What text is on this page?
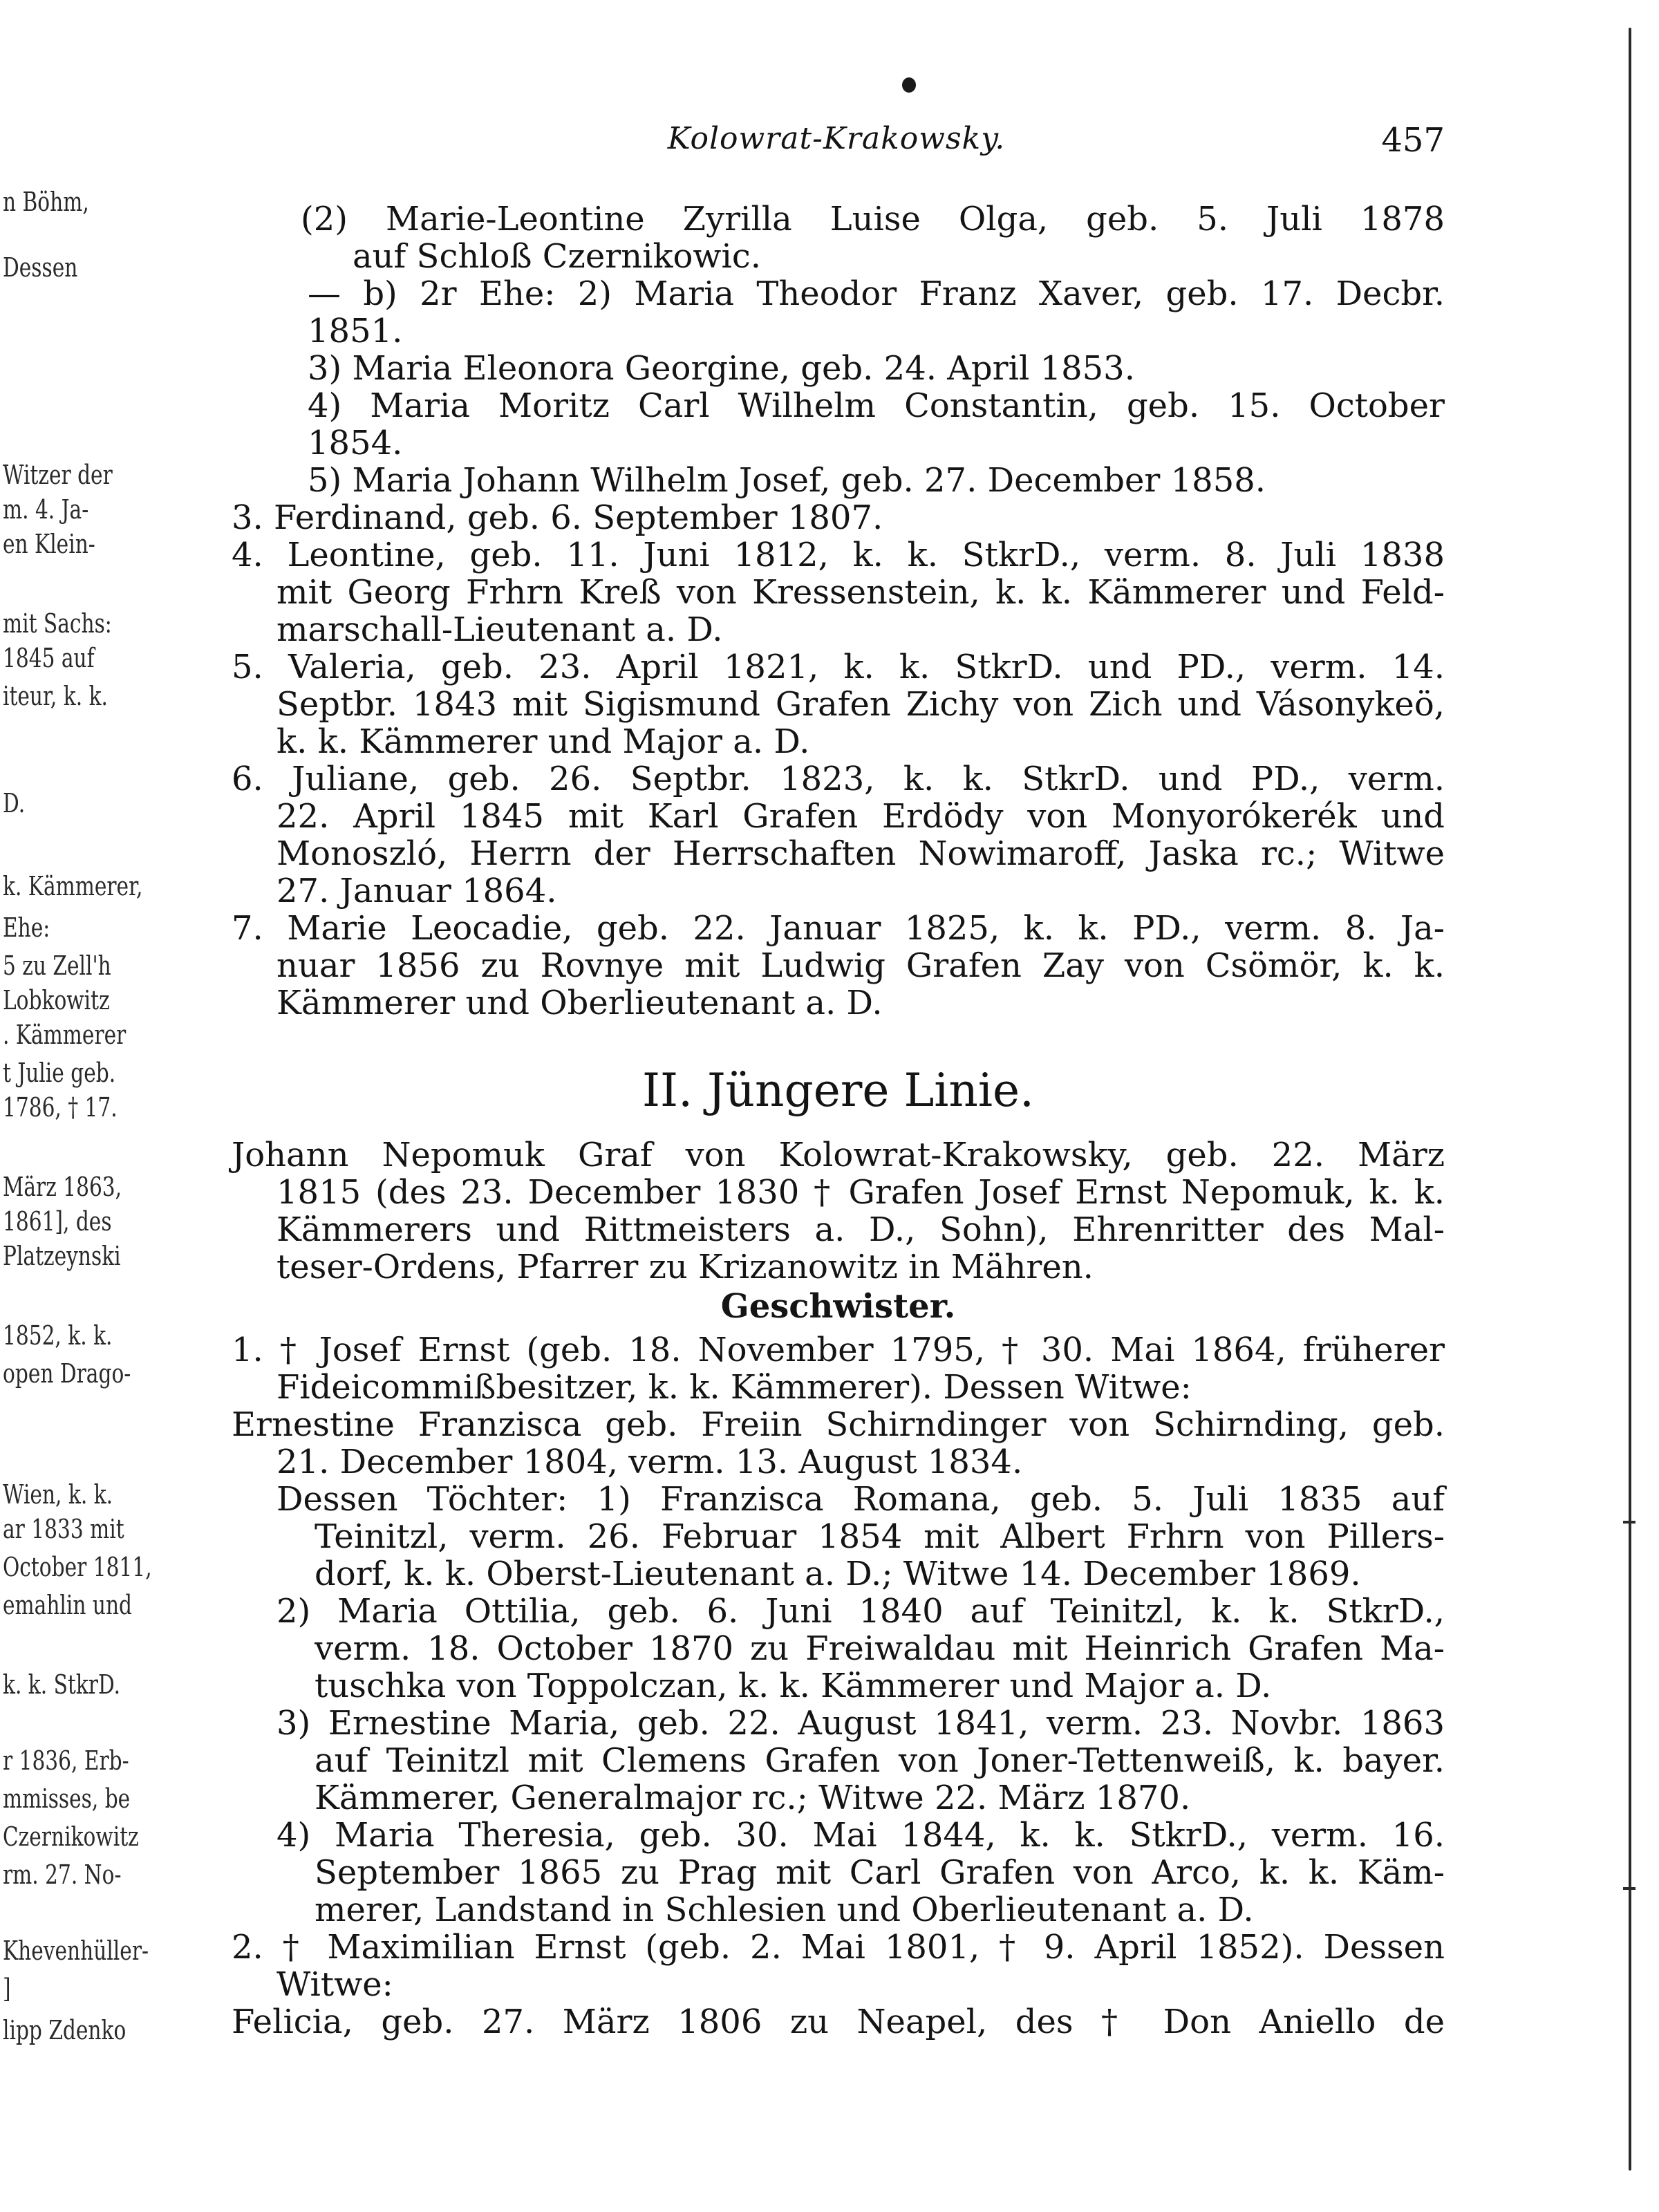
n Böhm,
Dessen
Witzer der
m. 4. Ja-
en Klein-
mit Sachs:
1845 auf
iteur, k. k.
D.
k. Kämmerer,
Ehe:
5 zu Zell'h
Lobkowitz
. Kämmerer
t Julie geb.
1786, † 17.
März 1863,
1861], des
Platzeynski
1852, k. k.
open Drago-
Wien, k. k.
ar 1833 mit
October 1811,
emahlin und
k. k. StkrD.
r 1836, Erb-
mmisses, be
Czernikowitz
rm. 27. No-
Khevenhüller-
]
lipp Zdenko
Kolowrat-Krakowsky.	457
(2) Marie-Leontine Zyrilla Luise Olga, geb. 5. Juli 1878
auf Schloß Czernikowic.
— b) 2r Ehe: 2) Maria Theodor Franz Xaver, geb. 17. Decbr.
1851.
3) Maria Eleonora Georgine, geb. 24. April 1853.
4) Maria Moritz Carl Wilhelm Constantin, geb. 15. October
1854.
5) Maria Johann Wilhelm Josef, geb. 27. December 1858.
3. Ferdinand, geb. 6. September 1807.
4. Leontine, geb. 11. Juni 1812, k. k. StkrD., verm. 8. Juli 1838
mit Georg Frhrn Kreß von Kressenstein, k. k. Kämmerer und Feld-
marschall-Lieutenant a. D.
5. Valeria, geb. 23. April 1821, k. k. StkrD. und PD., verm. 14.
Septbr. 1843 mit Sigismund Grafen Zichy von Zich und Vásonykeö,
k. k. Kämmerer und Major a. D.
6. Juliane, geb. 26. Septbr. 1823, k. k. StkrD. und PD., verm.
22. April 1845 mit Karl Grafen Erdödy von Monyorókerék und
Monoszló, Herrn der Herrschaften Nowimaroff, Jaska rc.; Witwe
27. Januar 1864.
7. Marie Leocadie, geb. 22. Januar 1825, k. k. PD., verm. 8. Ja-
nuar 1856 zu Rovnye mit Ludwig Grafen Zay von Csömör, k. k.
Kämmerer und Oberlieutenant a. D.
II. Jüngere Linie.
Johann Nepomuk Graf von Kolowrat-Krakowsky, geb. 22. März
1815 (des 23. December 1830 † Grafen Josef Ernst Nepomuk, k. k.
Kämmerers und Rittmeisters a. D., Sohn), Ehrenritter des Mal-
teser-Ordens, Pfarrer zu Krizanowitz in Mähren.
Geschwister.
1. † Josef Ernst (geb. 18. November 1795, † 30. Mai 1864, früherer
Fideicommißbesitzer, k. k. Kämmerer). Dessen Witwe:
Ernestine Franzisca geb. Freiin Schirndinger von Schirnding, geb.
21. December 1804, verm. 13. August 1834.
Dessen Töchter: 1) Franzisca Romana, geb. 5. Juli 1835 auf
Teinitzl, verm. 26. Februar 1854 mit Albert Frhrn von Pillers-
dorf, k. k. Oberst-Lieutenant a. D.; Witwe 14. December 1869.
2) Maria Ottilia, geb. 6. Juni 1840 auf Teinitzl, k. k. StkrD.,
verm. 18. October 1870 zu Freiwaldau mit Heinrich Grafen Ma-
tuschka von Toppolczan, k. k. Kämmerer und Major a. D.
3) Ernestine Maria, geb. 22. August 1841, verm. 23. Novbr. 1863
auf Teinitzl mit Clemens Grafen von Joner-Tettenweiß, k. bayer.
Kämmerer, Generalmajor rc.; Witwe 22. März 1870.
4) Maria Theresia, geb. 30. Mai 1844, k. k. StkrD., verm. 16.
September 1865 zu Prag mit Carl Grafen von Arco, k. k. Käm-
merer, Landstand in Schlesien und Oberlieutenant a. D.
2. † Maximilian Ernst (geb. 2. Mai 1801, † 9. April 1852). Dessen
Witwe:
Felicia, geb. 27. März 1806 zu Neapel, des † Don Aniello de
